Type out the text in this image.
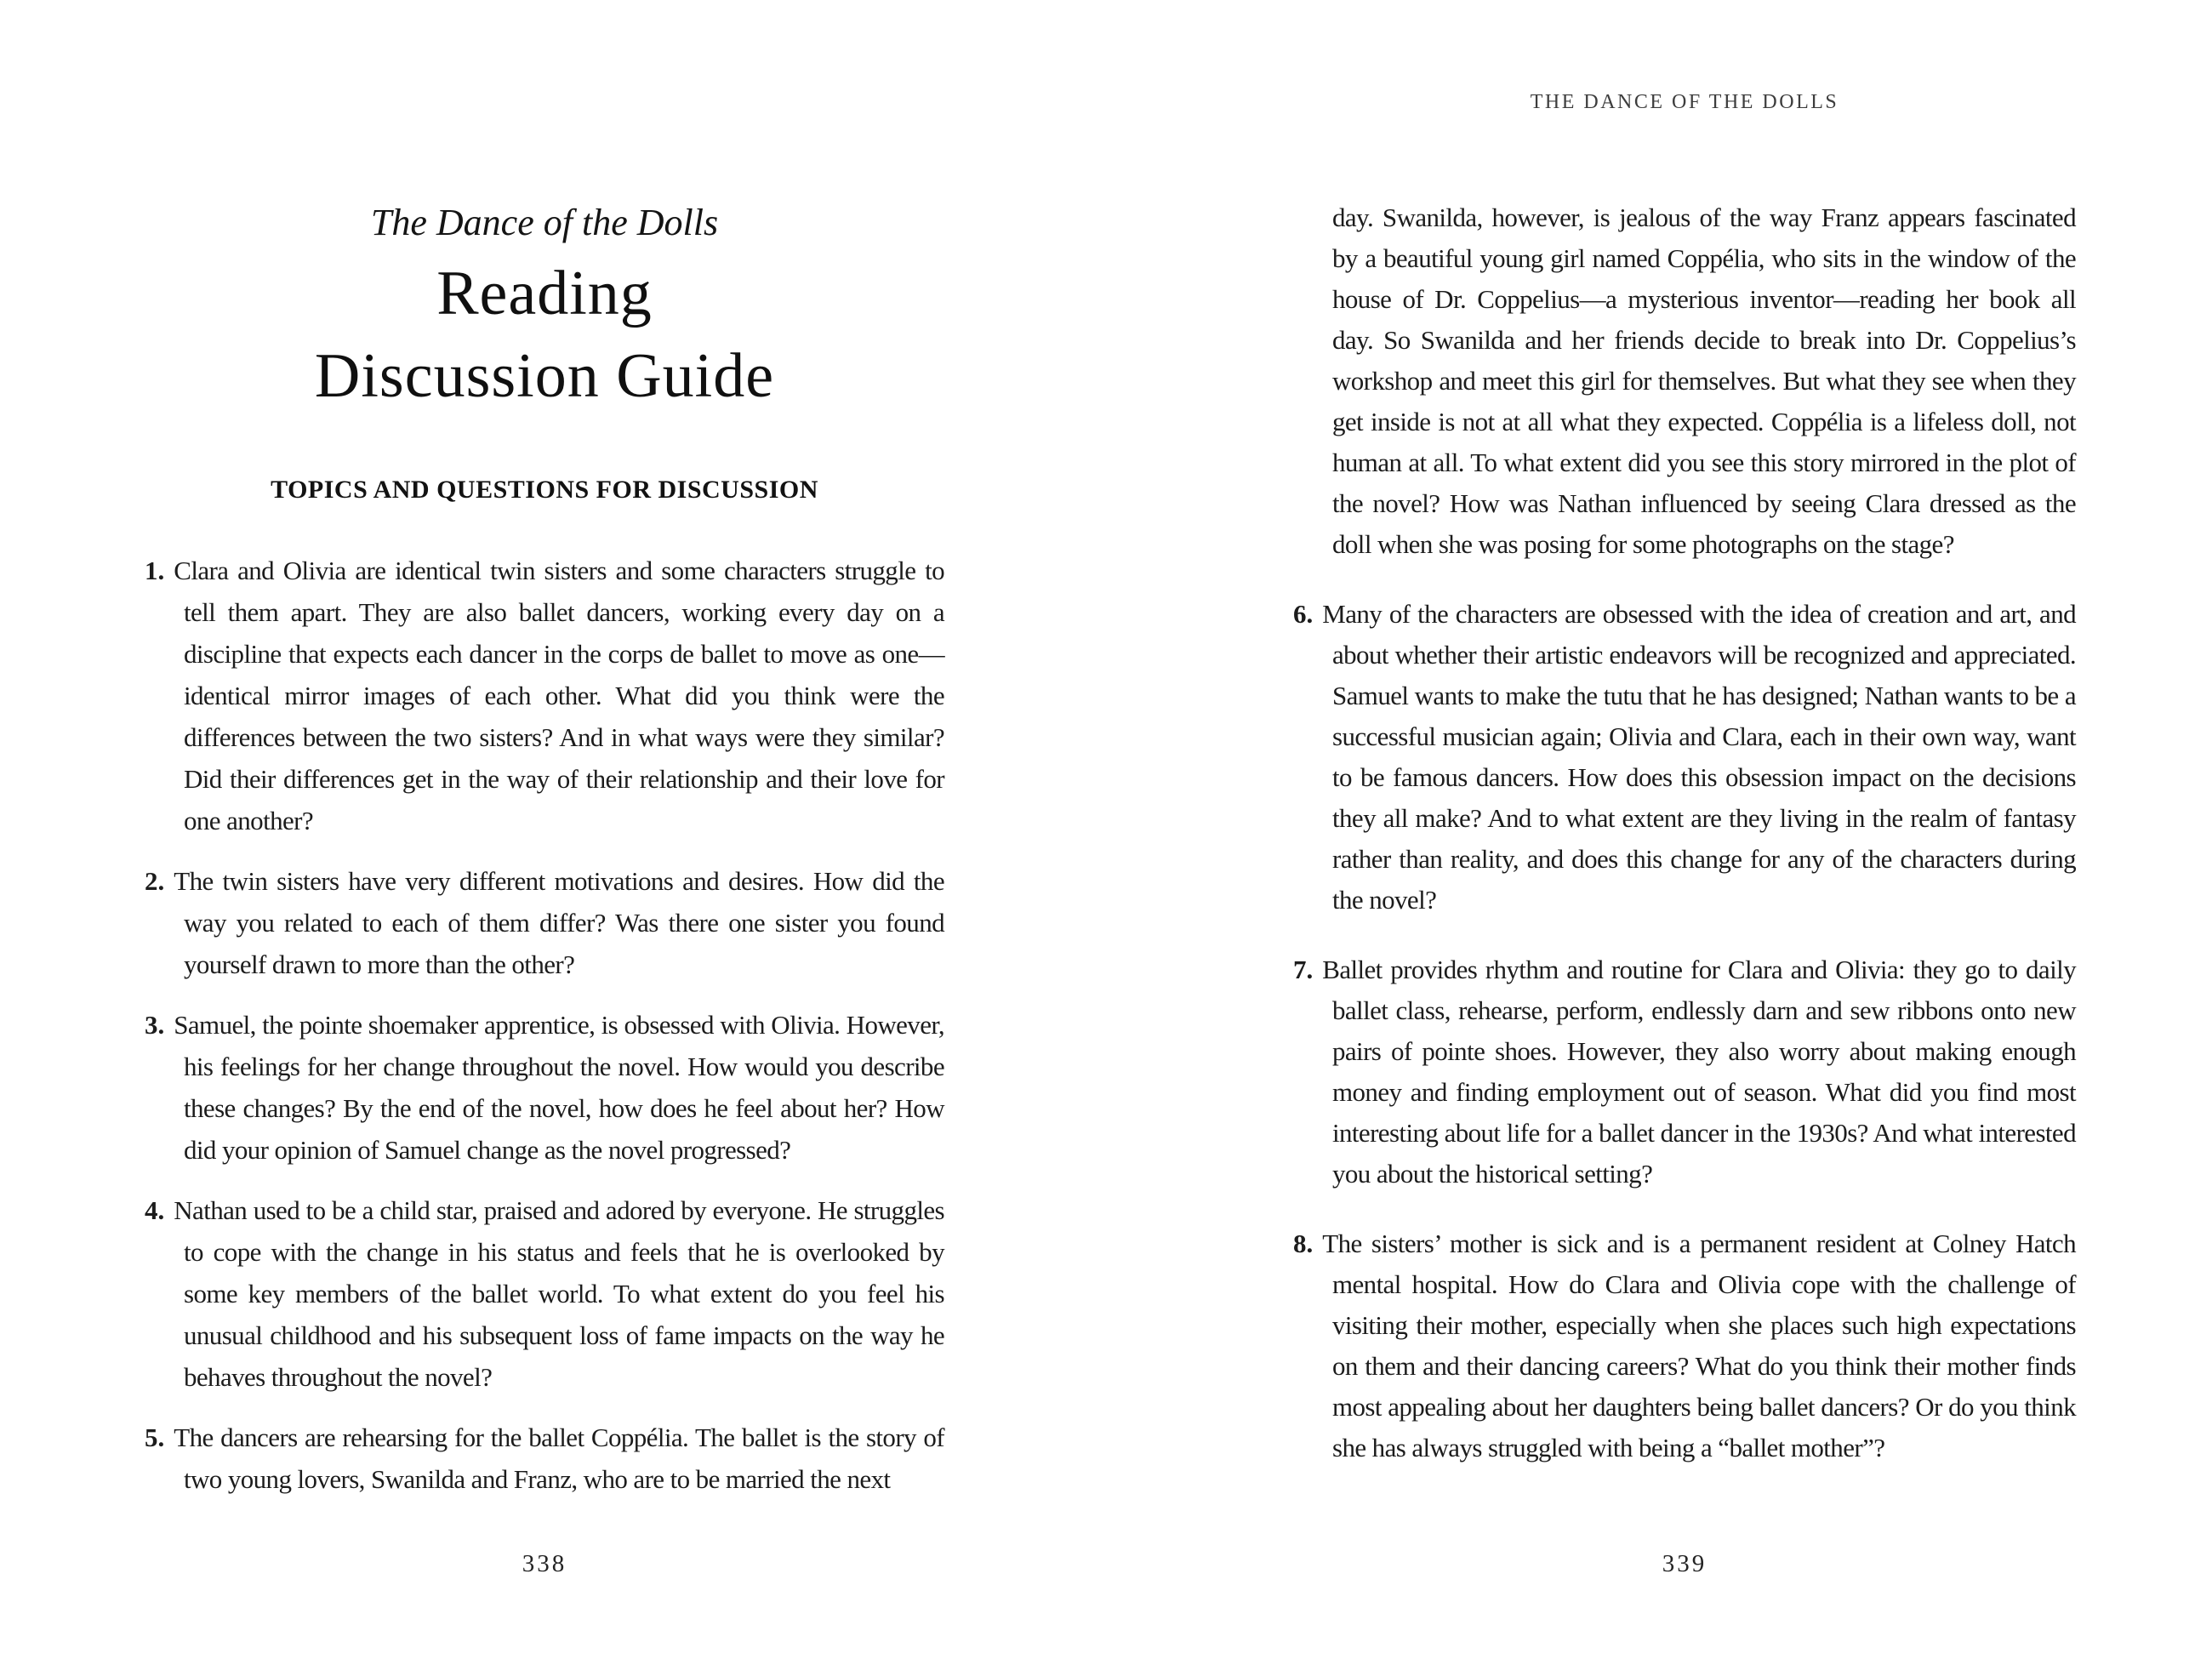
The Dance of the Dolls
Reading
Discussion Guide
TOPICS AND QUESTIONS FOR DISCUSSION

1. Clara and Olivia are identical twin sisters and some characters struggle to tell them apart. They are also ballet dancers, working every day on a discipline that expects each dancer in the corps de ballet to move as one—identical mirror images of each other. What did you think were the differences between the two sisters? And in what ways were they similar? Did their differences get in the way of their relationship and their love for one another?

2. The twin sisters have very different motivations and desires. How did the way you related to each of them differ? Was there one sister you found yourself drawn to more than the other?

3. Samuel, the pointe shoemaker apprentice, is obsessed with Olivia. However, his feelings for her change throughout the novel. How would you describe these changes? By the end of the novel, how does he feel about her? How did your opinion of Samuel change as the novel progressed?

4. Nathan used to be a child star, praised and adored by everyone. He struggles to cope with the change in his status and feels that he is overlooked by some key members of the ballet world. To what extent do you feel his unusual childhood and his subsequent loss of fame impacts on the way he behaves throughout the novel?

5. The dancers are rehearsing for the ballet Coppélia. The ballet is the story of two young lovers, Swanilda and Franz, who are to be married the next

338
THE DANCE OF THE DOLLS

day. Swanilda, however, is jealous of the way Franz appears fascinated by a beautiful young girl named Coppélia, who sits in the window of the house of Dr. Coppelius—a mysterious inventor—reading her book all day. So Swanilda and her friends decide to break into Dr. Coppelius’s workshop and meet this girl for themselves. But what they see when they get inside is not at all what they expected. Coppélia is a lifeless doll, not human at all. To what extent did you see this story mirrored in the plot of the novel? How was Nathan influenced by seeing Clara dressed as the doll when she was posing for some photographs on the stage?

6. Many of the characters are obsessed with the idea of creation and art, and about whether their artistic endeavors will be recognized and appreciated. Samuel wants to make the tutu that he has designed; Nathan wants to be a successful musician again; Olivia and Clara, each in their own way, want to be famous dancers. How does this obsession impact on the decisions they all make? And to what extent are they living in the realm of fantasy rather than reality, and does this change for any of the characters during the novel?

7. Ballet provides rhythm and routine for Clara and Olivia: they go to daily ballet class, rehearse, perform, endlessly darn and sew ribbons onto new pairs of pointe shoes. However, they also worry about making enough money and finding employment out of season. What did you find most interesting about life for a ballet dancer in the 1930s? And what interested you about the historical setting?

8. The sisters’ mother is sick and is a permanent resident at Colney Hatch mental hospital. How do Clara and Olivia cope with the challenge of visiting their mother, especially when she places such high expectations on them and their dancing careers? What do you think their mother finds most appealing about her daughters being ballet dancers? Or do you think she has always struggled with being a “ballet mother”?

339
